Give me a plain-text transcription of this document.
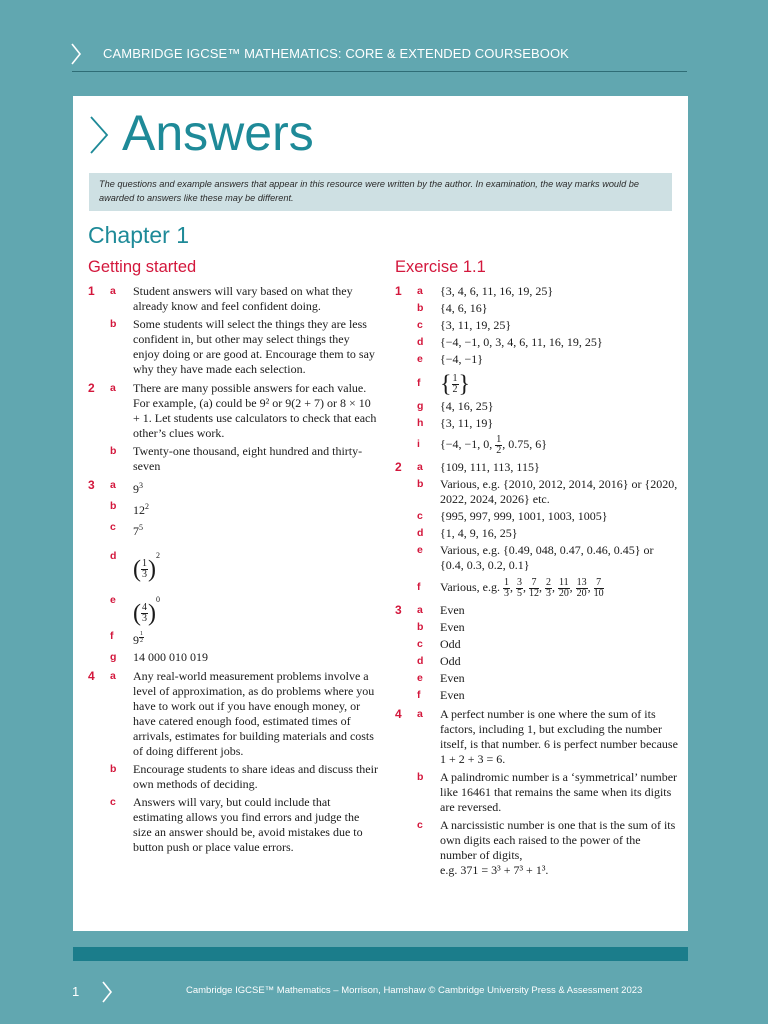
CAMBRIDGE IGCSE™ MATHEMATICS: CORE & EXTENDED COURSEBOOK
Answers
The questions and example answers that appear in this resource were written by the author. In examination, the way marks would be awarded to answers like these may be different.
Chapter 1
Getting started
1 a Student answers will vary based on what they already know and feel confident doing.
b Some students will select the things they are less confident in, but other may select things they enjoy doing or are good at. Encourage them to say why they have made each selection.
2 a There are many possible answers for each value. For example, (a) could be 9² or 9(2 + 7) or 8 × 10 + 1. Let students use calculators to check that each other’s clues work.
b Twenty-one thousand, eight hundred and thirty-seven
3 a $9^3$
b $12^2$
c $7^5$
d
( $\frac{1}{3} )^2$
e
( $\frac{4}{3} )^0$
f 9 $^{\frac{1}{2}}$
g 14 000 010 019
4 a Any real-world measurement problems involve a level of approximation, as do problems where you have to work out if you have enough money, or have catered enough food, estimated times of arrivals, estimates for building materials and costs of doing different jobs.
b Encourage students to share ideas and discuss their own methods of deciding.
c Answers will vary, but could include that estimating allows you find errors and judge the size an answer should be, avoid mistakes due to button push or place value errors.
Exercise 1.1
1 a {3, 4, 6, 11, 16, 19, 25}
b {4, 6, 16}
c {3, 11, 19, 25}
d {−4, −1, 0, 3, 4, 6, 11, 16, 19, 25}
e {−4, −1}
f { $\frac{1}{2}$ }
g {4, 16, 25}
h {3, 11, 19}
i {−4, −1, 0, $\frac{1}{2}$ , 0.75, 6}
2 a {109, 111, 113, 115}
b Various, e.g. {2010, 2012, 2014, 2016} or {2020, 2022, 2024, 2026} etc.
c {995, 997, 999, 1001, 1003, 1005}
d {1, 4, 9, 16, 25}
e Various, e.g. {0.49, 048, 0.47, 0.46, 0.45} or {0.4, 0.3, 0.2, 0.1}
f Various, e.g. $\frac{1}{3}$ , $\frac{3}{5}$ , $\frac{7}{12}$ , $\frac{2}{3}$ , $\frac{11}{20}$ , $\frac{13}{20}$ , $\frac{7}{10}$
3 a Even
b Even
c Odd
d Odd
e Even
f Even
4 a A perfect number is one where the sum of its factors, including 1, but excluding the number itself, is that number. 6 is perfect number because 1 + 2 + 3 = 6.
b A palindromic number is a ‘symmetrical’ number like 16461 that remains the same when its digits are reversed.
c A narcissistic number is one that is the sum of its own digits each raised to the power of the number of digits,
e.g. 371 = 3³ + 7³ + 1³.
1	Cambridge IGCSE™ Mathematics – Morrison, Hamshaw © Cambridge University Press & Assessment 2023
